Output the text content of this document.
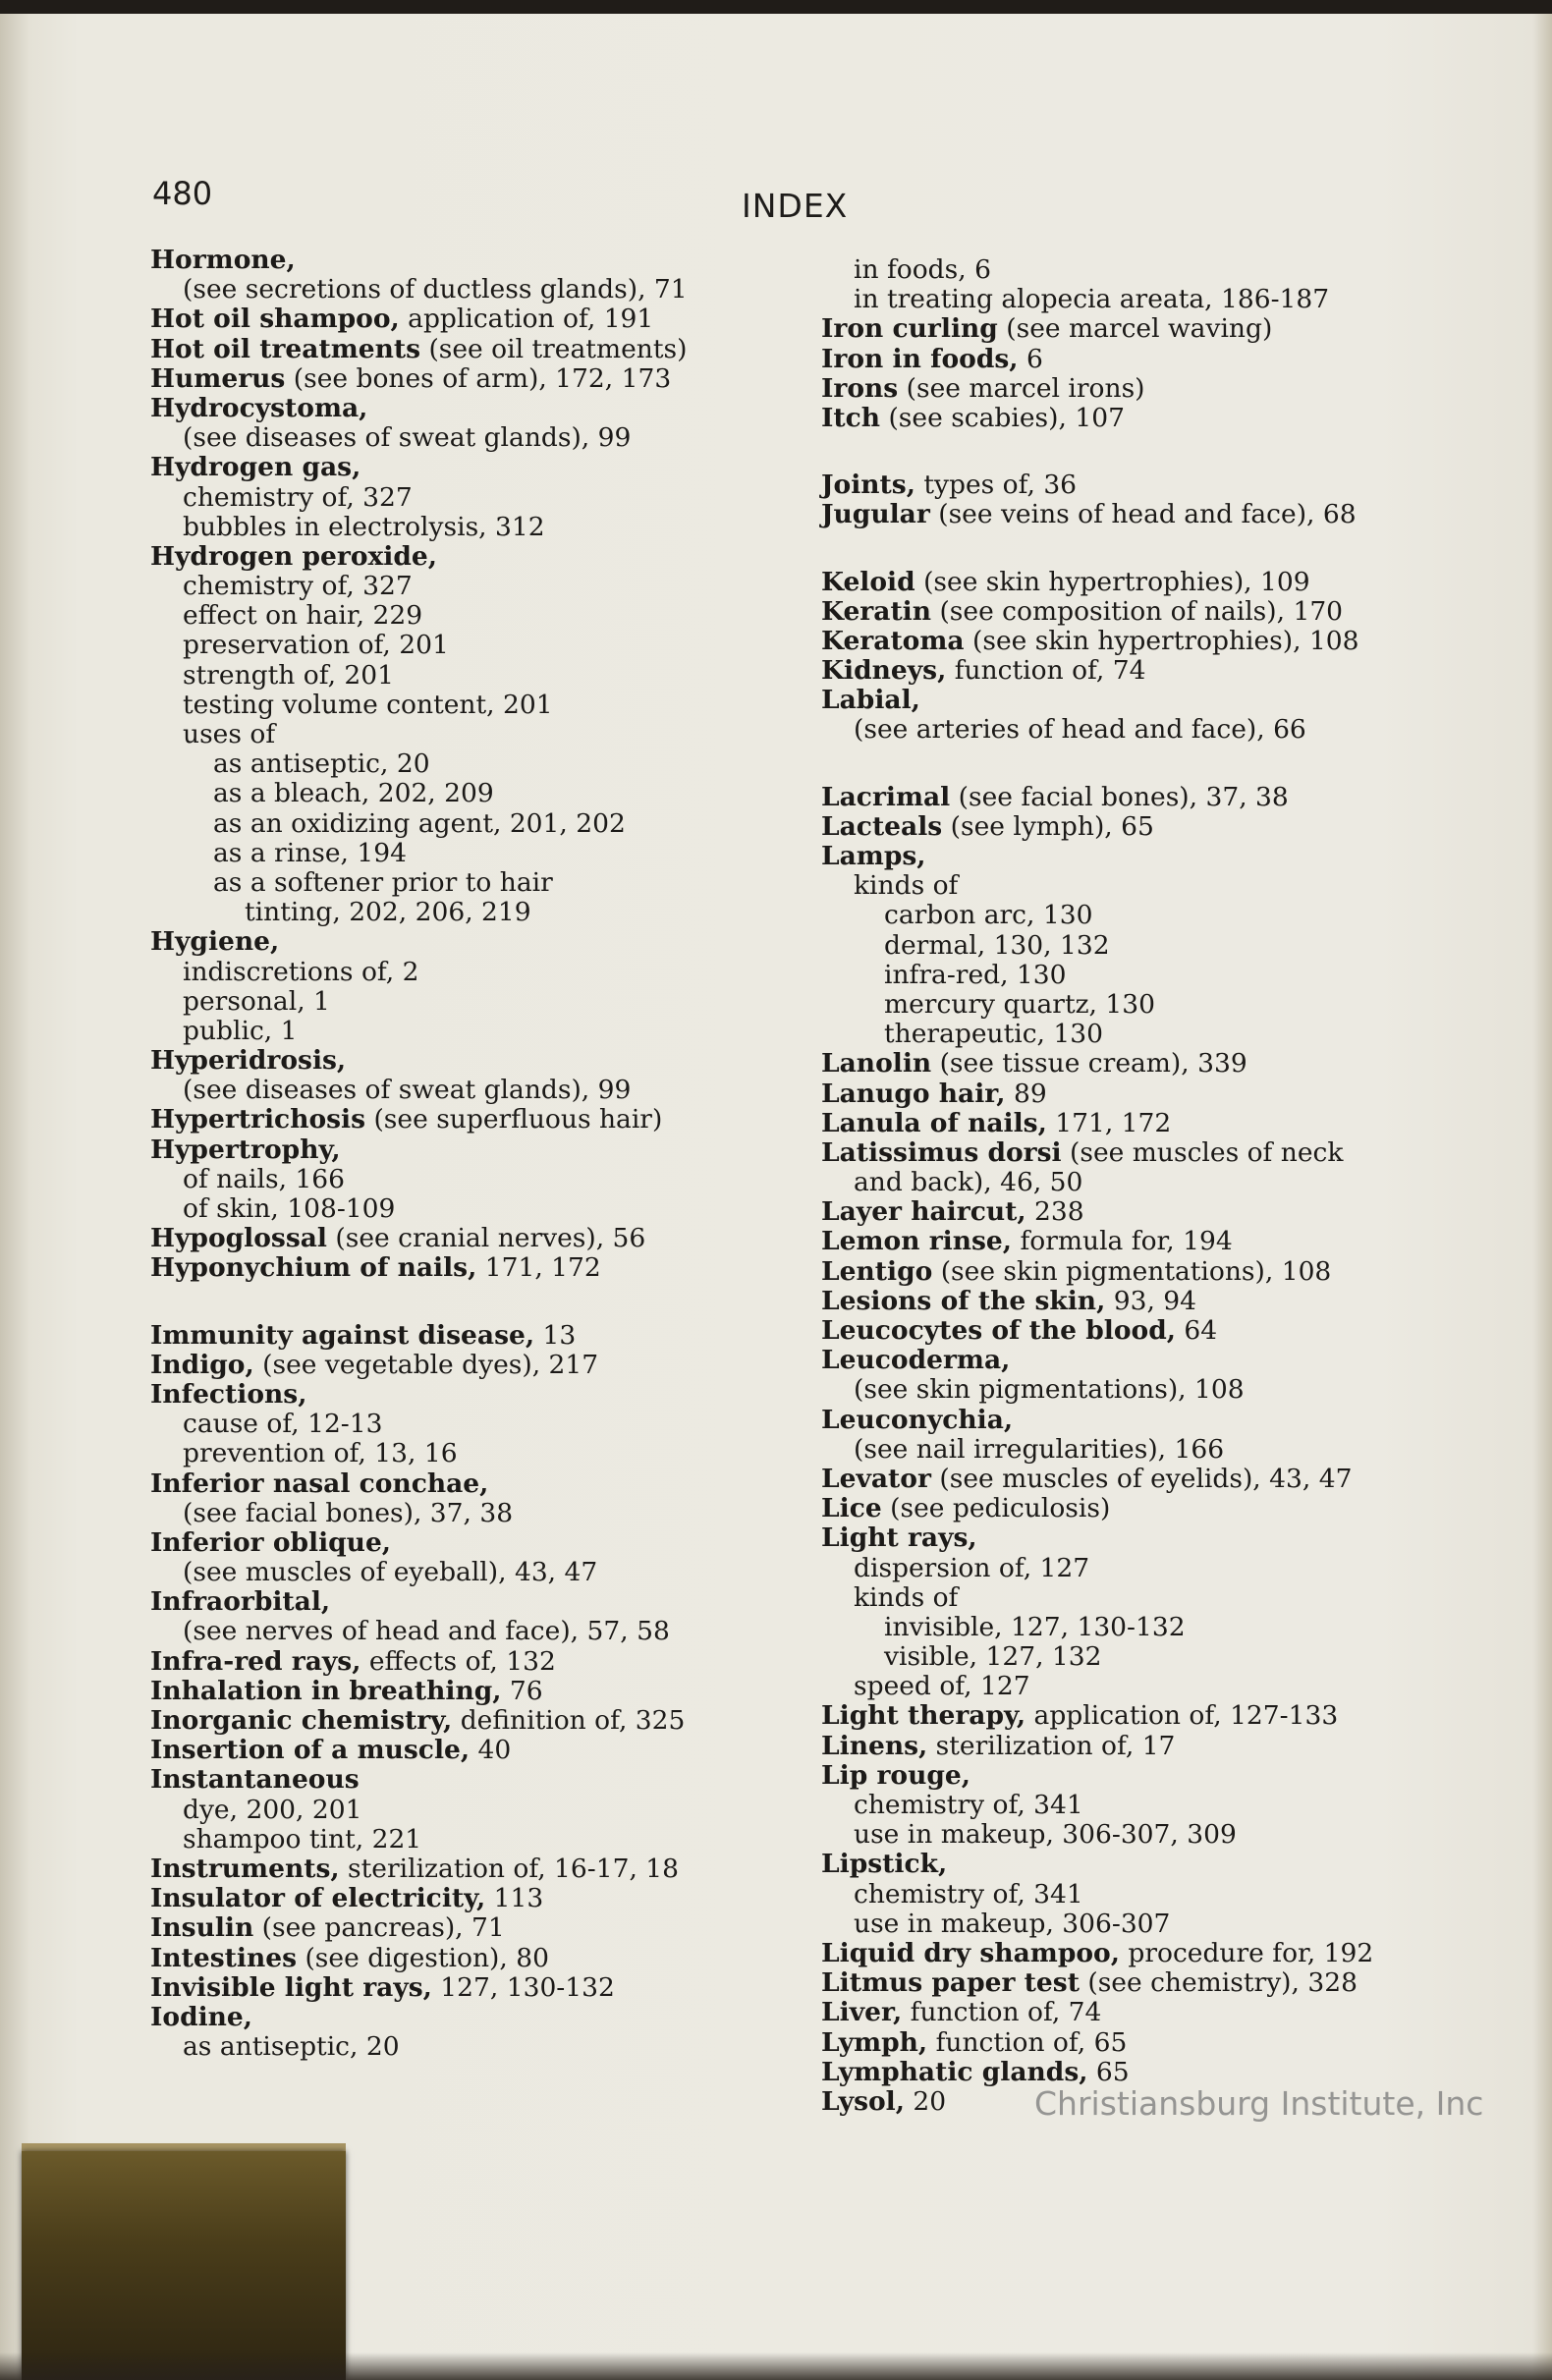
480	INDEX
Hormone,
(see secretions of ductless glands), 71
Hot oil shampoo, application of, 191
Hot oil treatments (see oil treatments)
Humerus (see bones of arm), 172, 173
Hydrocystoma,
(see diseases of sweat glands), 99
Hydrogen gas,
chemistry of, 327
bubbles in electrolysis, 312
Hydrogen peroxide,
chemistry of, 327
effect on hair, 229
preservation of, 201
strength of, 201
testing volume content, 201
uses of
as antiseptic, 20
as a bleach, 202, 209
as an oxidizing agent, 201, 202
as a rinse, 194
as a softener prior to hair
tinting, 202, 206, 219
Hygiene,
indiscretions of, 2
personal, 1
public, 1
Hyperidrosis,
(see diseases of sweat glands), 99
Hypertrichosis (see superfluous hair)
Hypertrophy,
of nails, 166
of skin, 108-109
Hypoglossal (see cranial nerves), 56
Hyponychium of nails, 171, 172
Immunity against disease, 13
Indigo, (see vegetable dyes), 217
Infections,
cause of, 12-13
prevention of, 13, 16
Inferior nasal conchae,
(see facial bones), 37, 38
Inferior oblique,
(see muscles of eyeball), 43, 47
Infraorbital,
(see nerves of head and face), 57, 58
Infra-red rays, effects of, 132
Inhalation in breathing, 76
Inorganic chemistry, definition of, 325
Insertion of a muscle, 40
Instantaneous
dye, 200, 201
shampoo tint, 221
Instruments, sterilization of, 16-17, 18
Insulator of electricity, 113
Insulin (see pancreas), 71
Intestines (see digestion), 80
Invisible light rays, 127, 130-132
Iodine,
as antiseptic, 20
in foods, 6
in treating alopecia areata, 186-187
Iron curling (see marcel waving)
Iron in foods, 6
Irons (see marcel irons)
Itch (see scabies), 107
Joints, types of, 36
Jugular (see veins of head and face), 68
Keloid (see skin hypertrophies), 109
Keratin (see composition of nails), 170
Keratoma (see skin hypertrophies), 108
Kidneys, function of, 74
Labial,
(see arteries of head and face), 66
Lacrimal (see facial bones), 37, 38
Lacteals (see lymph), 65
Lamps,
kinds of
carbon arc, 130
dermal, 130, 132
infra-red, 130
mercury quartz, 130
therapeutic, 130
Lanolin (see tissue cream), 339
Lanugo hair, 89
Lanula of nails, 171, 172
Latissimus dorsi (see muscles of neck
and back), 46, 50
Layer haircut, 238
Lemon rinse, formula for, 194
Lentigo (see skin pigmentations), 108
Lesions of the skin, 93, 94
Leucocytes of the blood, 64
Leucoderma,
(see skin pigmentations), 108
Leuconychia,
(see nail irregularities), 166
Levator (see muscles of eyelids), 43, 47
Lice (see pediculosis)
Light rays,
dispersion of, 127
kinds of
invisible, 127, 130-132
visible, 127, 132
speed of, 127
Light therapy, application of, 127-133
Linens, sterilization of, 17
Lip rouge,
chemistry of, 341
use in makeup, 306-307, 309
Lipstick,
chemistry of, 341
use in makeup, 306-307
Liquid dry shampoo, procedure for, 192
Litmus paper test (see chemistry), 328
Liver, function of, 74
Lymph, function of, 65
Lymphatic glands, 65
Lysol, 20	Christiansburg Institute, Inc
